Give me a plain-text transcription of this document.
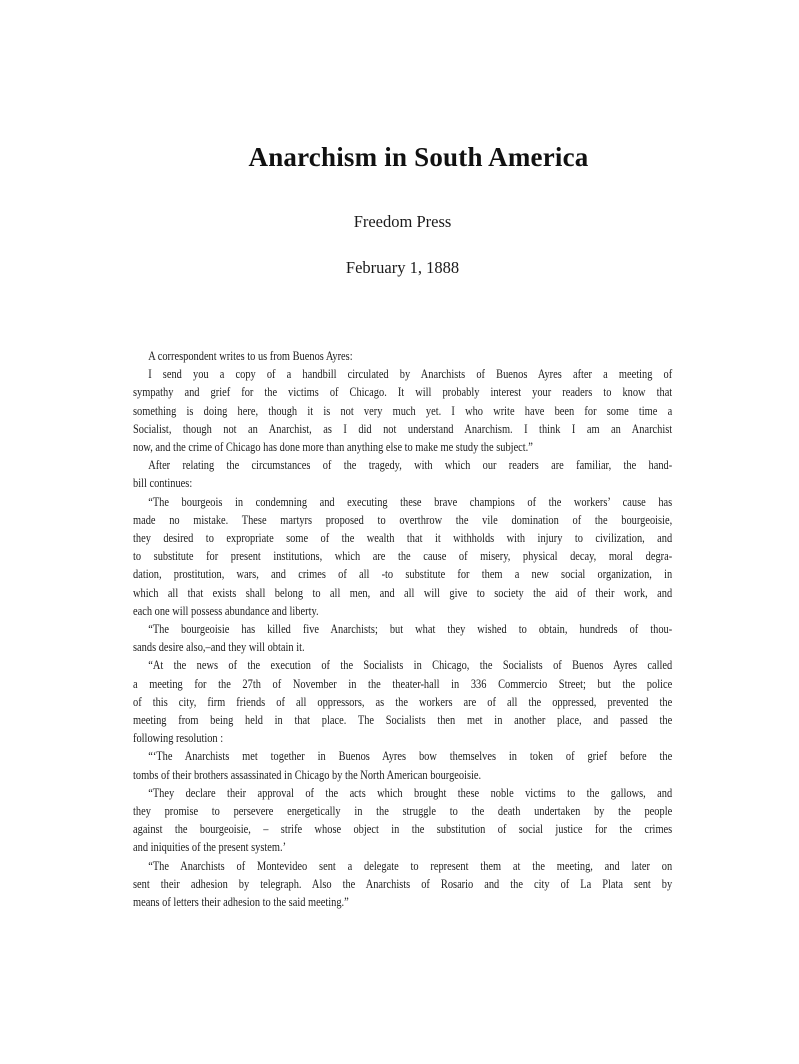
Anarchism in South America
Freedom Press
February 1, 1888
A correspondent writes to us from Buenos Ayres:
I send you a copy of a handbill circulated by Anarchists of Buenos Ayres after a meeting of
sympathy and grief for the victims of Chicago. It will probably interest your readers to know that
something is doing here, though it is not very much yet. I who write have been for some time a
Socialist, though not an Anarchist, as I did not understand Anarchism. I think I am an Anarchist
now, and the crime of Chicago has done more than anything else to make me study the subject.”
After relating the circumstances of the tragedy, with which our readers are familiar, the hand-
bill continues:
“The bourgeois in condemning and executing these brave champions of the workers’ cause has
made no mistake. These martyrs proposed to overthrow the vile domination of the bourgeoisie,
they desired to expropriate some of the wealth that it withholds with injury to civilization, and
to substitute for present institutions, which are the cause of misery, physical decay, moral degra-
dation, prostitution, wars, and crimes of all -to substitute for them a new social organization, in
which all that exists shall belong to all men, and all will give to society the aid of their work, and
each one will possess abundance and liberty.
“The bourgeoisie has killed five Anarchists; but what they wished to obtain, hundreds of thou-
sands desire also,–and they will obtain it.
“At the news of the execution of the Socialists in Chicago, the Socialists of Buenos Ayres called
a meeting for the 27th of November in the theater-hall in 336 Commercio Street; but the police
of this city, firm friends of all oppressors, as the workers are of all the oppressed, prevented the
meeting from being held in that place. The Socialists then met in another place, and passed the
following resolution :
“‘The Anarchists met together in Buenos Ayres bow themselves in token of grief before the
tombs of their brothers assassinated in Chicago by the North American bourgeoisie.
“They declare their approval of the acts which brought these noble victims to the gallows, and
they promise to persevere energetically in the struggle to the death undertaken by the people
against the bourgeoisie, – strife whose object in the substitution of social justice for the crimes
and iniquities of the present system.’
“The Anarchists of Montevideo sent a delegate to represent them at the meeting, and later on
sent their adhesion by telegraph. Also the Anarchists of Rosario and the city of La Plata sent by
means of letters their adhesion to the said meeting.”
